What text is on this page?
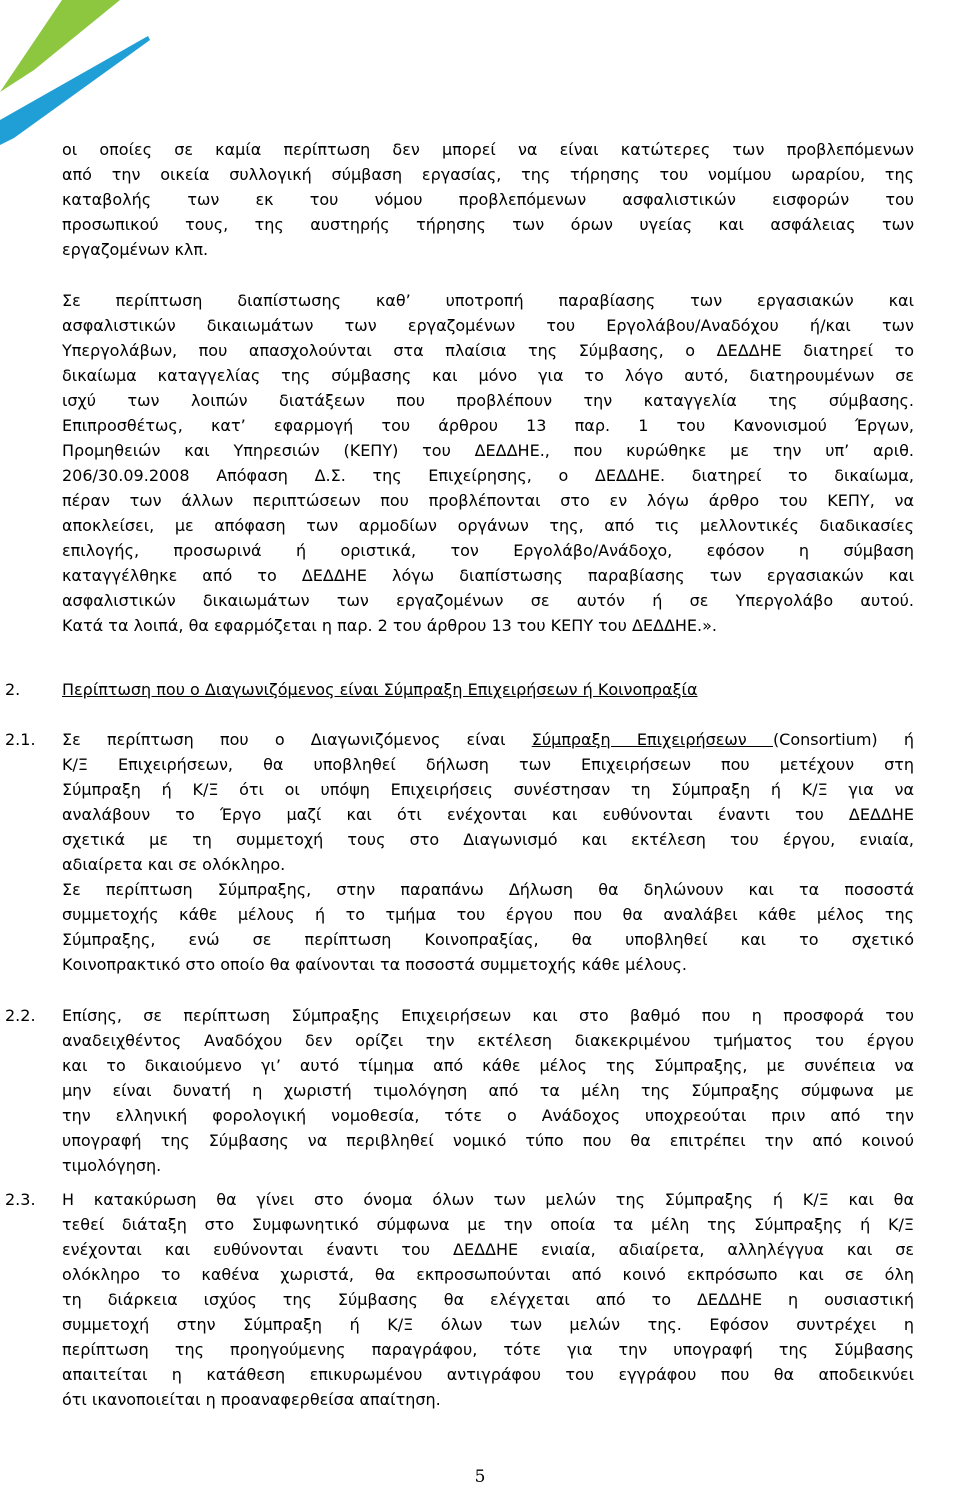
οι οποίες σε καμία περίπτωση δεν μπορεί να είναι κατώτερες των προβλεπόμενων
από την οικεία συλλογική σύμβαση εργασίας, της τήρησης του νομίμου ωραρίου, της
καταβολής των εκ του νόμου προβλεπόμενων ασφαλιστικών εισφορών του
προσωπικού τους, της αυστηρής τήρησης των όρων υγείας και ασφάλειας των
εργαζομένων κλπ.
Σε περίπτωση διαπίστωσης καθ’ υποτροπή παραβίασης των εργασιακών και
ασφαλιστικών δικαιωμάτων των εργαζομένων του Εργολάβου/Αναδόχου ή/και των
Υπεργολάβων, που απασχολούνται στα πλαίσια της Σύμβασης, ο ΔΕΔΔΗΕ διατηρεί το
δικαίωμα καταγγελίας της σύμβασης και μόνο για το λόγο αυτό, διατηρουμένων σε
ισχύ των λοιπών διατάξεων που προβλέπουν την καταγγελία της σύμβασης.
Επιπροσθέτως, κατ’ εφαρμογή του άρθρου 13 παρ. 1 του Κανονισμού Έργων,
Προμηθειών και Υπηρεσιών (ΚΕΠΥ) του ΔΕΔΔΗΕ., που κυρώθηκε με την υπ’ αριθ.
206/30.09.2008 Απόφαση Δ.Σ. της Επιχείρησης, ο ΔΕΔΔΗΕ. διατηρεί το δικαίωμα,
πέραν των άλλων περιπτώσεων που προβλέπονται στο εν λόγω άρθρο του ΚΕΠΥ, να
αποκλείσει, με απόφαση των αρμοδίων οργάνων της, από τις μελλοντικές διαδικασίες
επιλογής, προσωρινά ή οριστικά, τον Εργολάβο/Ανάδοχο, εφόσον η σύμβαση
καταγγέλθηκε από το ΔΕΔΔΗΕ λόγω διαπίστωσης παραβίασης των εργασιακών και
ασφαλιστικών δικαιωμάτων των εργαζομένων σε αυτόν ή σε Υπεργολάβο αυτού.
Κατά τα λοιπά, θα εφαρμόζεται η παρ. 2 του άρθρου 13 του ΚΕΠΥ του ΔΕΔΔΗΕ.».
2.	Περίπτωση που ο Διαγωνιζόμενος είναι Σύμπραξη Επιχειρήσεων ή Κοινοπραξία
2.1. Σε περίπτωση που ο Διαγωνιζόμενος είναι Σύμπραξη Επιχειρήσεων (Consortium) ή
Κ/Ξ Επιχειρήσεων, θα υποβληθεί δήλωση των Επιχειρήσεων που μετέχουν στη
Σύμπραξη ή Κ/Ξ ότι οι υπόψη Επιχειρήσεις συνέστησαν τη Σύμπραξη ή Κ/Ξ για να
αναλάβουν το Έργο μαζί και ότι ενέχονται και ευθύνονται έναντι του ΔΕΔΔΗΕ
σχετικά με τη συμμετοχή τους στο Διαγωνισμό και εκτέλεση του έργου, ενιαία,
αδιαίρετα και σε ολόκληρο.
Σε περίπτωση Σύμπραξης, στην παραπάνω Δήλωση θα δηλώνουν και τα ποσοστά
συμμετοχής κάθε μέλους ή το τμήμα του έργου που θα αναλάβει κάθε μέλος της
Σύμπραξης, ενώ σε περίπτωση Κοινοπραξίας, θα υποβληθεί και το σχετικό
Κοινοπρακτικό στο οποίο θα φαίνονται τα ποσοστά συμμετοχής κάθε μέλους.
2.2. Επίσης, σε περίπτωση Σύμπραξης Επιχειρήσεων και στο βαθμό που η προσφορά του
αναδειχθέντος Αναδόχου δεν ορίζει την εκτέλεση διακεκριμένου τμήματος του έργου
και το δικαιούμενο γι’ αυτό τίμημα από κάθε μέλος της Σύμπραξης, με συνέπεια να
μην είναι δυνατή η χωριστή τιμολόγηση από τα μέλη της Σύμπραξης σύμφωνα με
την ελληνική φορολογική νομοθεσία, τότε ο Ανάδοχος υποχρεούται πριν από την
υπογραφή της Σύμβασης να περιβληθεί νομικό τύπο που θα επιτρέπει την από κοινού
τιμολόγηση.
2.3. Η κατακύρωση θα γίνει στο όνομα όλων των μελών της Σύμπραξης ή Κ/Ξ και θα
τεθεί διάταξη στο Συμφωνητικό σύμφωνα με την οποία τα μέλη της Σύμπραξης ή Κ/Ξ
ενέχονται και ευθύνονται έναντι του ΔΕΔΔΗΕ ενιαία, αδιαίρετα, αλληλέγγυα και σε
ολόκληρο το καθένα χωριστά, θα εκπροσωπούνται από κοινό εκπρόσωπο και σε όλη
τη διάρκεια ισχύος της Σύμβασης θα ελέγχεται από το ΔΕΔΔΗΕ η ουσιαστική
συμμετοχή στην Σύμπραξη ή Κ/Ξ όλων των μελών της. Εφόσον συντρέχει η
περίπτωση της προηγούμενης παραγράφου, τότε για την υπογραφή της Σύμβασης
απαιτείται η κατάθεση επικυρωμένου αντιγράφου του εγγράφου που θα αποδεικνύει
ότι ικανοποιείται η προαναφερθείσα απαίτηση.
5
